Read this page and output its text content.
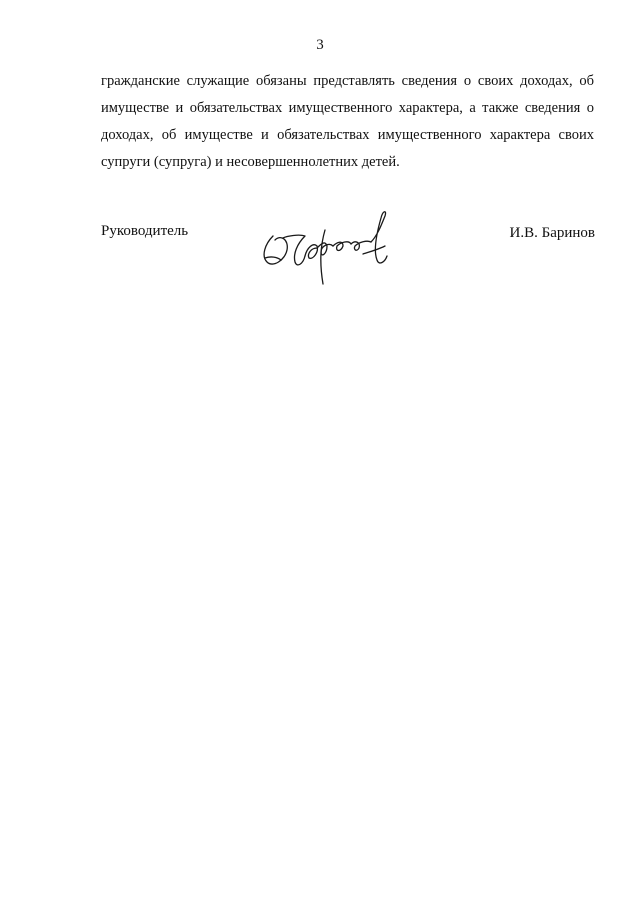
3

гражданские служащие обязаны представлять сведения о своих доходах, об
имуществе и обязательствах имущественного характера, а также сведения о
доходах, об имуществе и обязательствах имущественного характера своих
супруги (супруга) и несовершеннолетних детей.

Руководитель	И.В. Баринов
